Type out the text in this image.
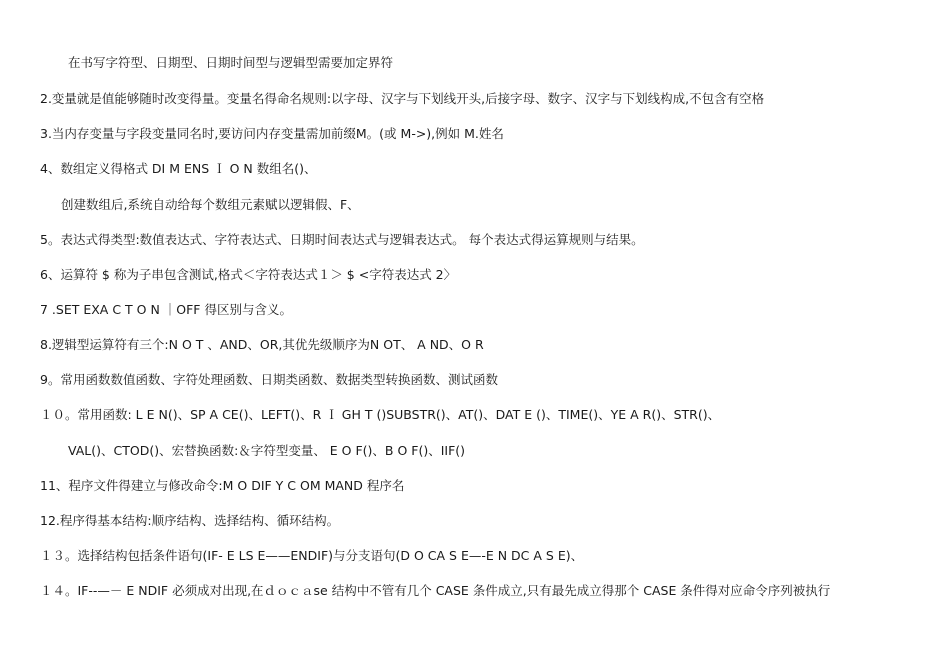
在书写字符型、日期型、日期时间型与逻辑型需要加定界符
2.变量就是值能够随时改变得量。变量名得命名规则:以字母、汉字与下划线开头,后接字母、数字、汉字与下划线构成,不包含有空格
3.当内存变量与字段变量同名时,要访问内存变量需加前缀M。(或 M->),例如 M.姓名
4、数组定义得格式 DI M ENS Ｉ O N 数组名()、
创建数组后,系统自动给每个数组元素赋以逻辑假、F、
5。表达式得类型:数值表达式、字符表达式、日期时间表达式与逻辑表达式。 每个表达式得运算规则与结果。
6、运算符 $ 称为子串包含测试,格式＜字符表达式１＞ $ <字符表达式 2〉
7 .SET EXA C T O N ｜OFF 得区别与含义。
8.逻辑型运算符有三个:N O T 、AND、OR,其优先级顺序为N OT、 A ND、O R
9。常用函数数值函数、字符处理函数、日期类函数、数据类型转换函数、测试函数
１０。常用函数: L E N()、SP A CE()、LEFT()、R Ｉ GH T ()SUBSTR()、AT()、DAT E ()、TIME()、YE A R()、STR()、
VAL()、CTOD()、宏替换函数:＆字符型变量、 E O F()、B O F()、IIF()
11、程序文件得建立与修改命令:M O DIF Y C OM MAND 程序名
12.程序得基本结构:顺序结构、选择结构、循环结构。
１３。选择结构包括条件语句(IF- E LS E——ENDIF)与分支语句(D O CA S E—-E N DC A S E)、
１４。IF--—－ E NDIF 必须成对出现,在ｄｏｃａse 结构中不管有几个 CASE 条件成立,只有最先成立得那个 CASE 条件得对应命令序列被执行
